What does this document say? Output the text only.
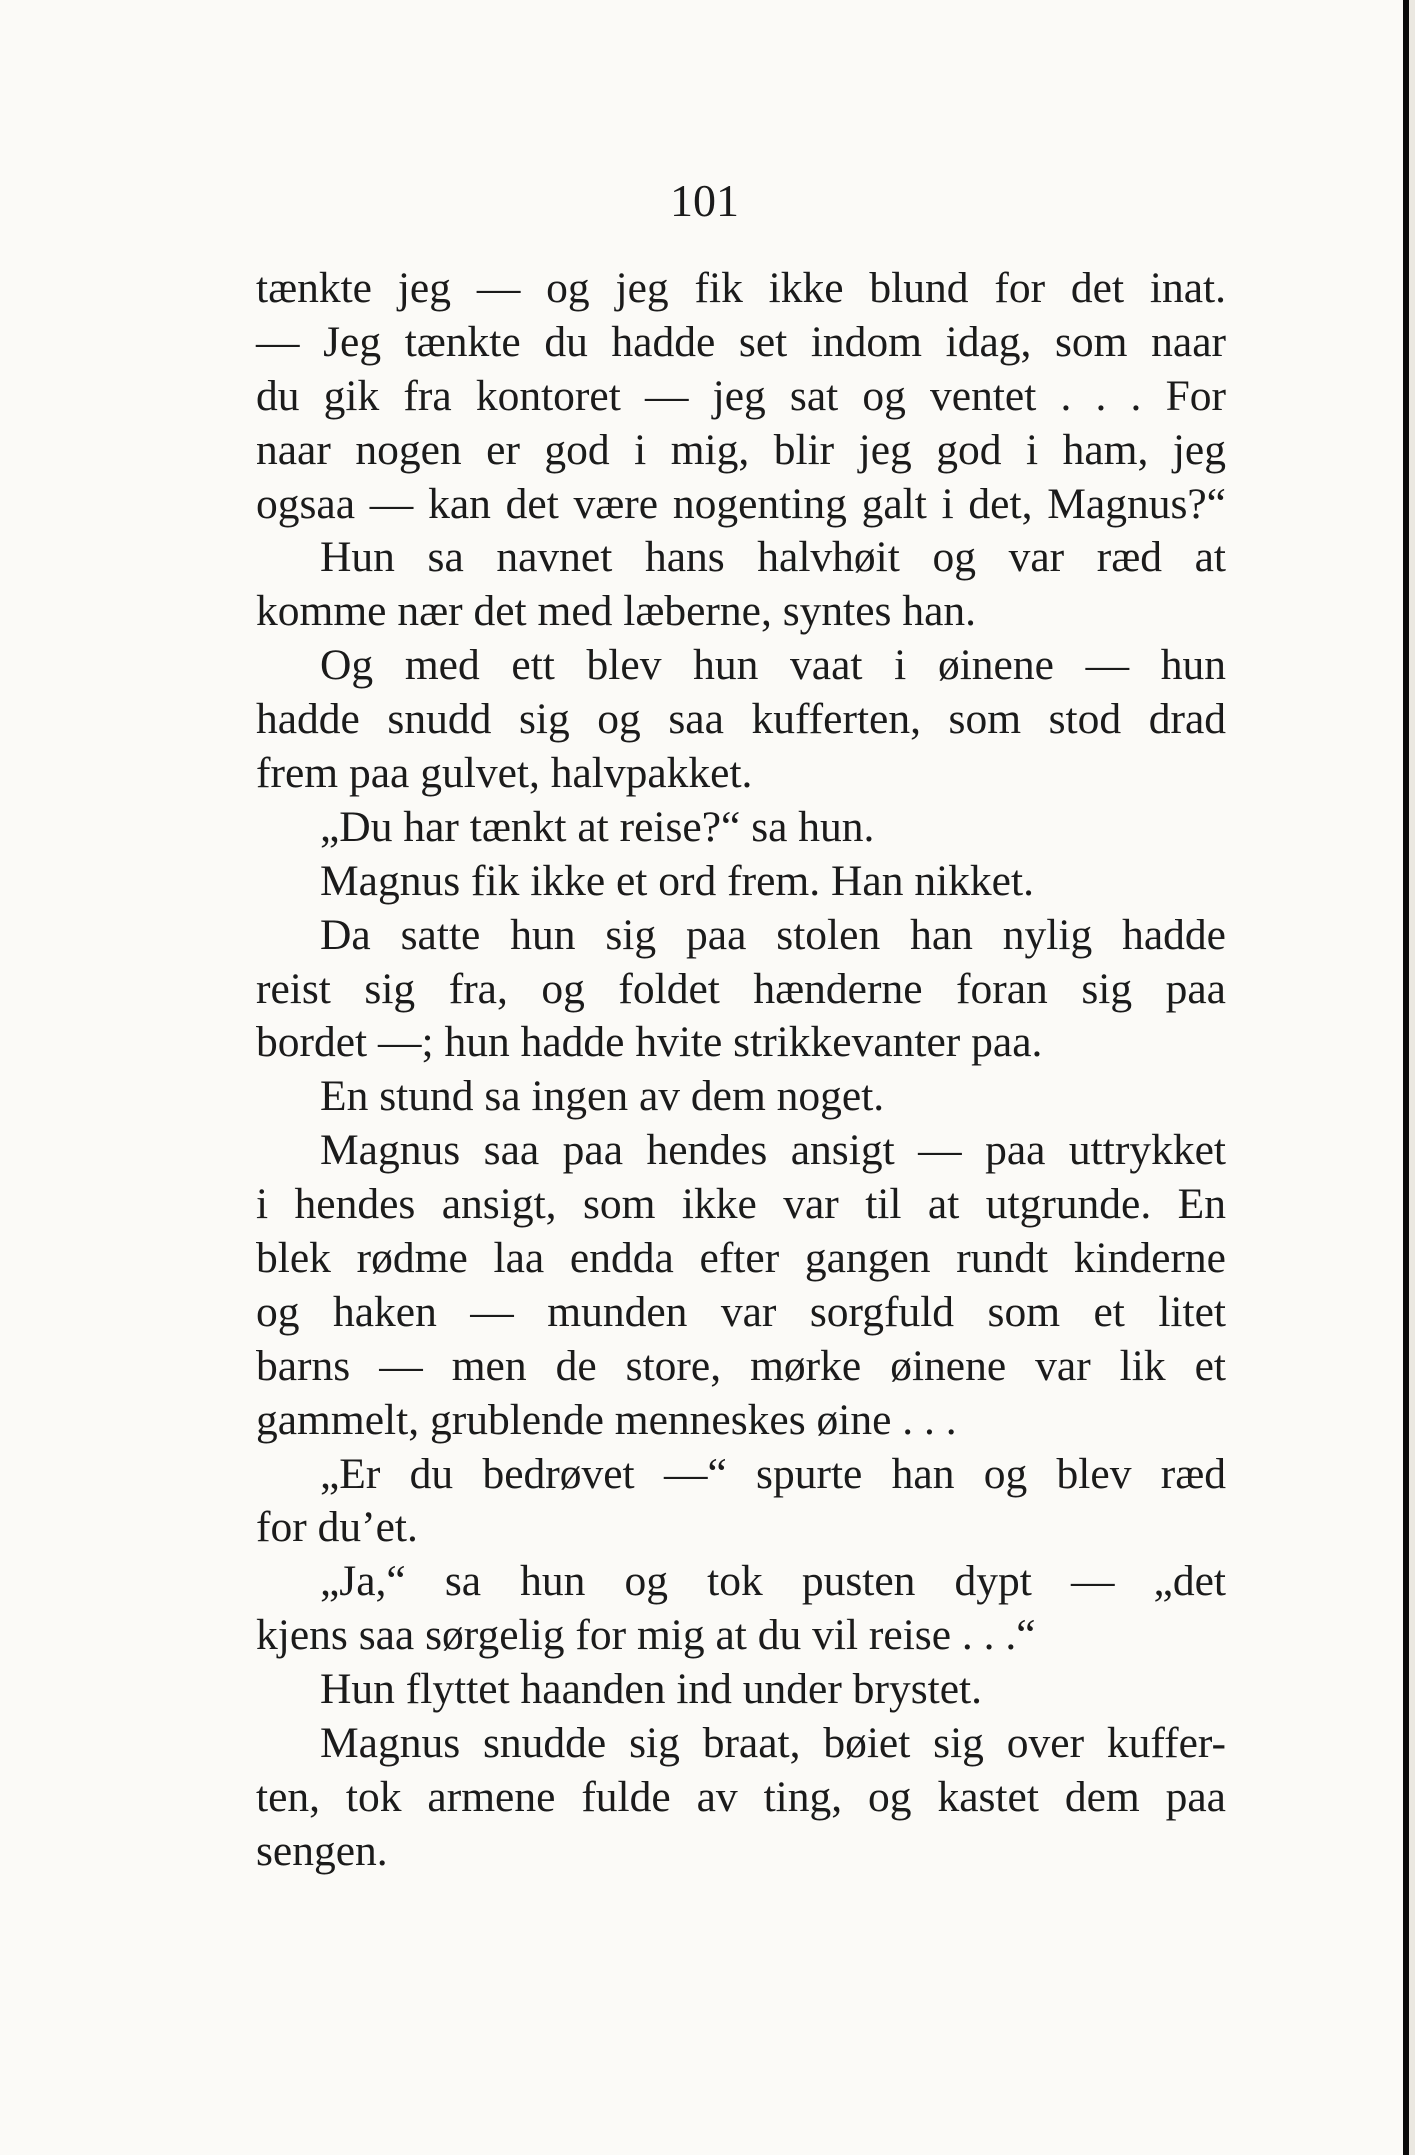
101
tænkte jeg — og jeg fik ikke blund for det inat.
— Jeg tænkte du hadde set indom idag, som naar
du gik fra kontoret — jeg sat og ventet . . . For
naar nogen er god i mig, blir jeg god i ham, jeg
ogsaa — kan det være nogenting galt i det, Magnus?“
Hun sa navnet hans halvhøit og var ræd at
komme nær det med læberne, syntes han.
Og med ett blev hun vaat i øinene — hun
hadde snudd sig og saa kufferten, som stod drad
frem paa gulvet, halvpakket.
„Du har tænkt at reise?“ sa hun.
Magnus fik ikke et ord frem. Han nikket.
Da satte hun sig paa stolen han nylig hadde
reist sig fra, og foldet hænderne foran sig paa
bordet —; hun hadde hvite strikkevanter paa.
En stund sa ingen av dem noget.
Magnus saa paa hendes ansigt — paa uttrykket
i hendes ansigt, som ikke var til at utgrunde. En
blek rødme laa endda efter gangen rundt kinderne
og haken — munden var sorgfuld som et litet
barns — men de store, mørke øinene var lik et
gammelt, grublende menneskes øine . . .
„Er du bedrøvet —“ spurte han og blev ræd
for du’et.
„Ja,“ sa hun og tok pusten dypt — „det
kjens saa sørgelig for mig at du vil reise . . .“
Hun flyttet haanden ind under brystet.
Magnus snudde sig braat, bøiet sig over kuffer-
ten, tok armene fulde av ting, og kastet dem paa
sengen.
